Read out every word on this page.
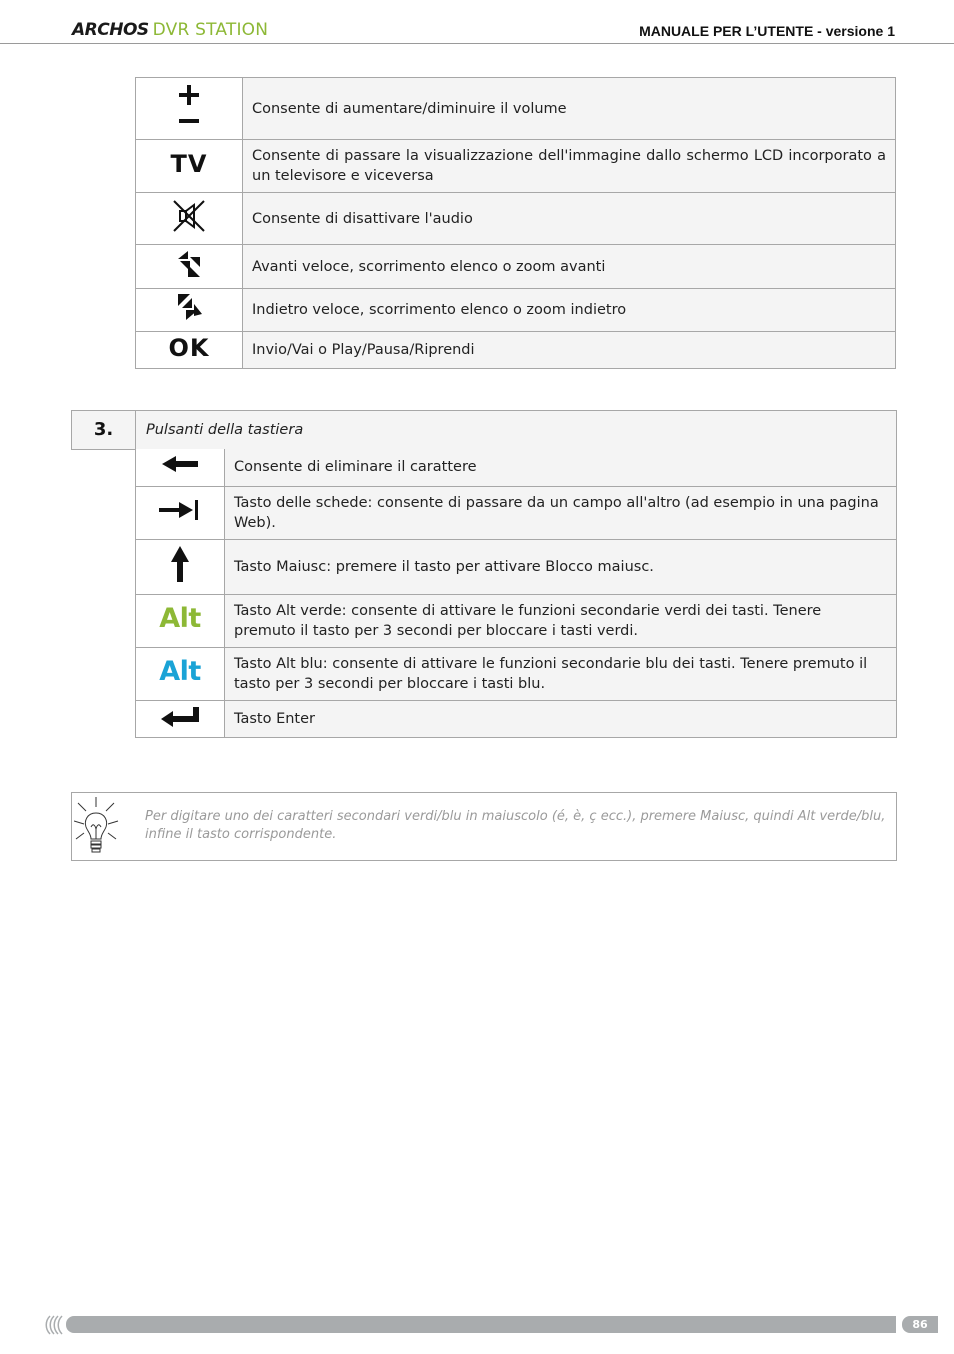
ARCHOS DVR STATION	MANUALE PER L’UTENTE - versione 1
	Consente di aumentare/diminuire il volume
TV	Consente di passare la visualizzazione dell'immagine dallo schermo LCD incorporato a un televisore e viceversa
	Consente di disattivare l'audio
	Avanti veloce, scorrimento elenco o zoom avanti
	Indietro veloce, scorrimento elenco o zoom indietro
OK	Invio/Vai o Play/Pausa/Riprendi
3.	Pulsanti della tastiera
	Consente di eliminare il carattere
	Tasto delle schede: consente di passare da un campo all'altro (ad esempio in una pagina Web).
	Tasto Maiusc: premere il tasto per attivare Blocco maiusc.
Alt	Tasto Alt verde: consente di attivare le funzioni secondarie verdi dei tasti. Tenere premuto il tasto per 3 secondi per bloccare i tasti verdi.
Alt	Tasto Alt blu: consente di attivare le funzioni secondarie blu dei tasti. Tenere premuto il tasto per 3 secondi per bloccare i tasti blu.
	Tasto Enter
Per digitare uno dei caratteri secondari verdi/blu in maiuscolo (é, è, ç ecc.), premere Maiusc, quindi Alt verde/blu, infine il tasto corrispondente.
86
